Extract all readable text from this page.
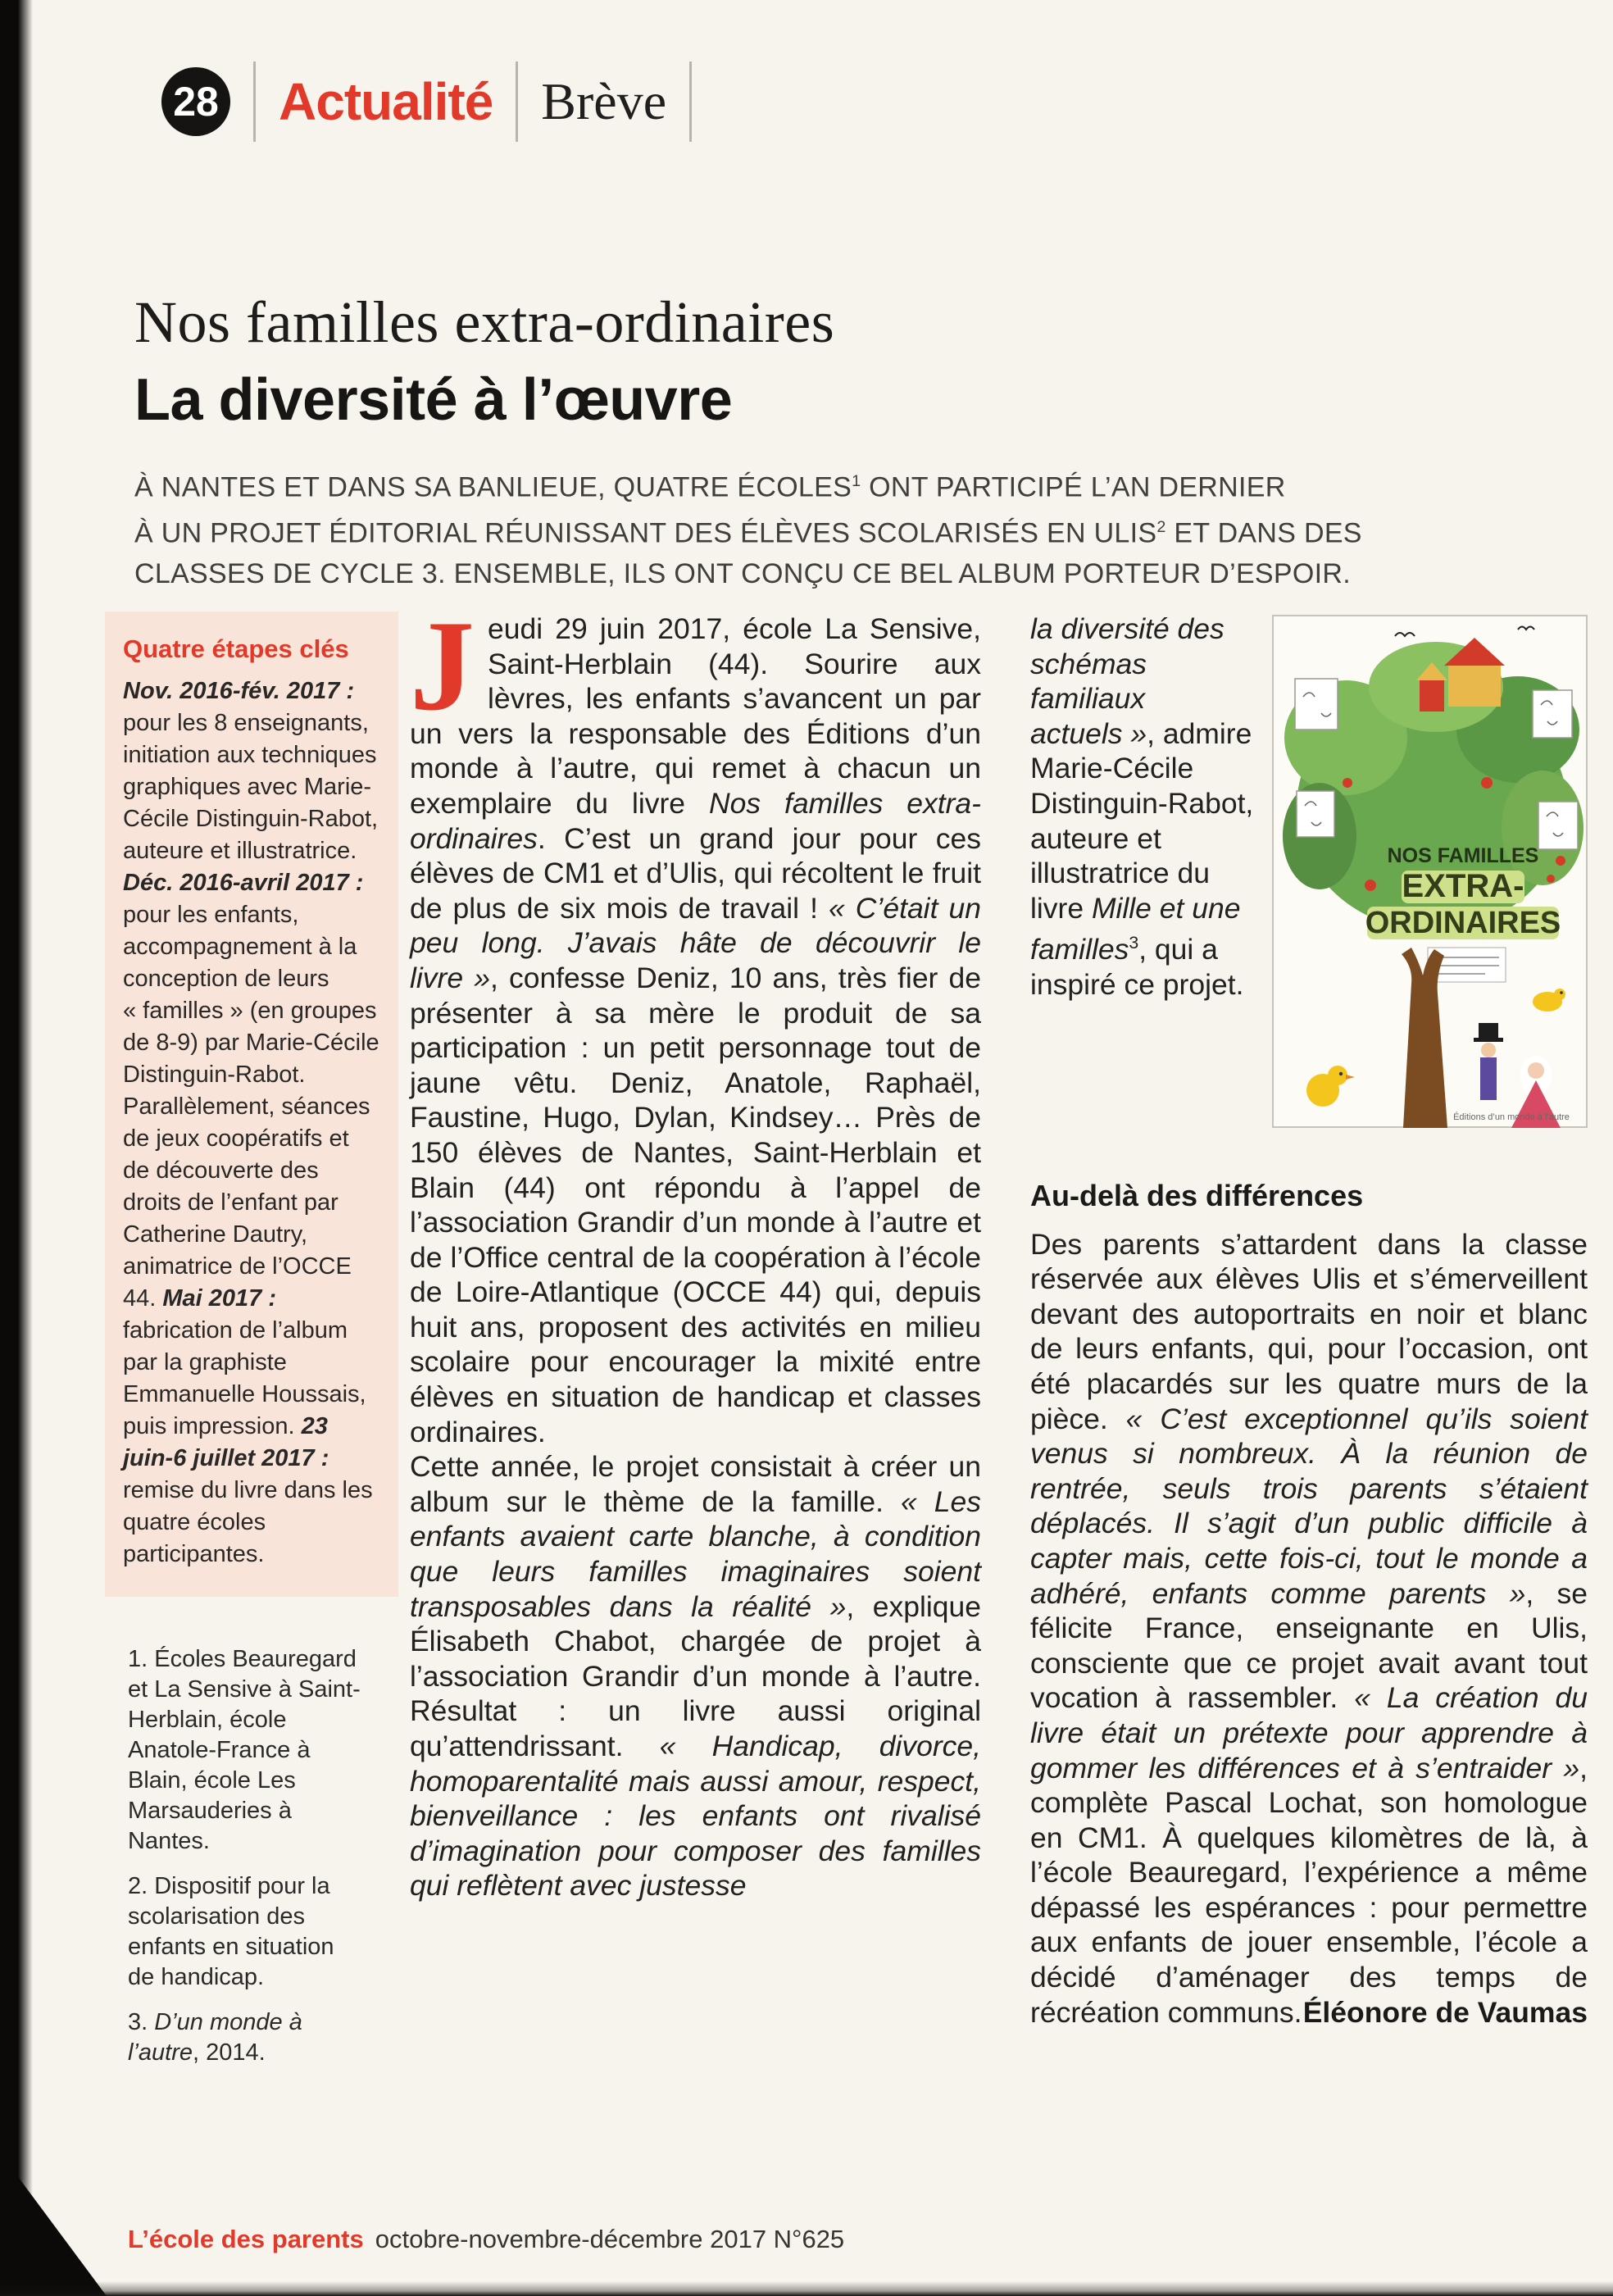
28 Actualité Brève
Nos familles extra-ordinaires
La diversité à l’œuvre

À NANTES ET DANS SA BANLIEUE, QUATRE ÉCOLES$^1$ ONT PARTICIPÉ L’AN DERNIER
À UN PROJET ÉDITORIAL RÉUNISSANT DES ÉLÈVES SCOLARISÉS EN ULIS$^2$ ET DANS DES
CLASSES DE CYCLE 3. ENSEMBLE, ILS ONT CONÇU CE BEL ALBUM PORTEUR D’ESPOIR.

Quatre étapes clés

Nov. 2016-fév. 2017 : pour les 8 enseignants, initiation aux techniques graphiques avec Marie-Cécile Distinguin-Rabot, auteure et illustratrice. Déc. 2016-avril 2017 : pour les enfants, accompagnement à la conception de leurs « familles » (en groupes de 8-9) par Marie-Cécile Distinguin-Rabot. Parallèlement, séances de jeux coopératifs et de découverte des droits de l’enfant par Catherine Dautry, animatrice de l’OCCE 44. Mai 2017 : fabrication de l’album par la graphiste Emmanuelle Houssais, puis impression. 23 juin-6 juillet 2017 : remise du livre dans les quatre écoles participantes.

1. Écoles Beauregard et La Sensive à Saint-Herblain, école Anatole-France à Blain, école Les Marsauderies à Nantes.

2. Dispositif pour la scolarisation des enfants en situation de handicap.

3. D’un monde à l’autre, 2014.

Jeudi 29 juin 2017, école La Sensive, Saint-Herblain (44). Sourire aux lèvres, les enfants s’avancent un par un vers la responsable des Éditions d’un monde à l’autre, qui remet à chacun un exemplaire du livre Nos familles extra-ordinaires. C’est un grand jour pour ces élèves de CM1 et d’Ulis, qui récoltent le fruit de plus de six mois de travail ! « C’était un peu long. J’avais hâte de découvrir le livre », confesse Deniz, 10 ans, très fier de présenter à sa mère le produit de sa participation : un petit personnage tout de jaune vêtu. Deniz, Anatole, Raphaël, Faustine, Hugo, Dylan, Kindsey… Près de 150 élèves de Nantes, Saint-Herblain et Blain (44) ont répondu à l’appel de l’association Grandir d’un monde à l’autre et de l’Office central de la coopération à l’école de Loire-Atlantique (OCCE 44) qui, depuis huit ans, proposent des activités en milieu scolaire pour encourager la mixité entre élèves en situation de handicap et classes ordinaires.

Cette année, le projet consistait à créer un album sur le thème de la famille. « Les enfants avaient carte blanche, à condition que leurs familles imaginaires soient transposables dans la réalité », explique Élisabeth Chabot, chargée de projet à l’association Grandir d’un monde à l’autre. Résultat : un livre aussi original qu’attendrissant. « Handicap, divorce, homoparentalité mais aussi amour, respect, bienveillance : les enfants ont rivalisé d’imagination pour composer des familles qui reflètent avec justesse

NOS FAMILLES
EXTRA-
ORDINAIRES
Éditions d’un monde à l’autre

la diversité des schémas familiaux actuels », admire Marie-Cécile Distinguin-Rabot, auteure et illustratrice du livre Mille et une familles$^3$, qui a inspiré ce projet.

Au-delà des différences

Des parents s’attardent dans la classe réservée aux élèves Ulis et s’émerveillent devant des autoportraits en noir et blanc de leurs enfants, qui, pour l’occasion, ont été placardés sur les quatre murs de la pièce. « C’est exceptionnel qu’ils soient venus si nombreux. À la réunion de rentrée, seuls trois parents s’étaient déplacés. Il s’agit d’un public difficile à capter mais, cette fois-ci, tout le monde a adhéré, enfants comme parents », se félicite France, enseignante en Ulis, consciente que ce projet avait avant tout vocation à rassembler. « La création du livre était un prétexte pour apprendre à gommer les différences et à s’entraider », complète Pascal Lochat, son homologue en CM1. À quelques kilomètres de là, à l’école Beauregard, l’expérience a même dépassé les espérances : pour permettre aux enfants de jouer ensemble, l’école a décidé d’aménager des temps de récréation communs. Éléonore de Vaumas
L’école des parents octobre-novembre-décembre 2017 N°625
